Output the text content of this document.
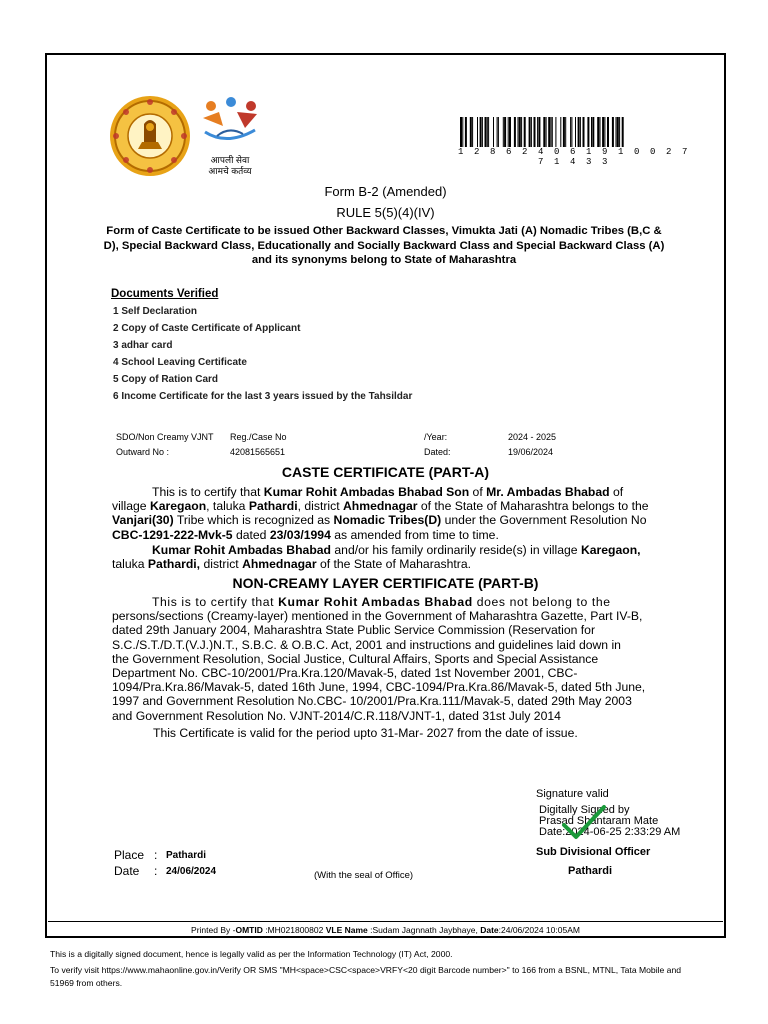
आपली सेवा
आमचे कर्तव्य
1 2 8 6 2 4 0 6 1 9 1 0 0 2 7 7 1 4 3 3
Form B-2 (Amended)
RULE 5(5)(4)(IV)
Form of Caste Certificate to be issued Other Backward Classes, Vimukta Jati (A) Nomadic Tribes (B,C & D), Special Backward Class, Educationally and Socially Backward Class and Special Backward Class (A) and its synonyms belong to State of Maharashtra
Documents Verified
1 Self Declaration
2 Copy of Caste Certificate of Applicant
3 adhar card
4 School Leaving Certificate
5 Copy of Ration Card
6 Income Certificate for the last 3 years issued by the Tahsildar
SDO/Non Creamy VJNT Reg./Case No	/Year:	2024 - 2025
Outward No :	42081565651	Dated:	19/06/2024
CASTE CERTIFICATE (PART-A)
This is to certify that Kumar Rohit Ambadas Bhabad Son of Mr. Ambadas Bhabad of
village Karegaon, taluka Pathardi, district Ahmednagar of the State of Maharashtra belongs to the
Vanjari(30) Tribe which is recognized as Nomadic Tribes(D) under the Government Resolution No
CBC-1291-222-Mvk-5 dated 23/03/1994 as amended from time to time.
Kumar Rohit Ambadas Bhabad and/or his family ordinarily reside(s) in village Karegaon,
taluka Pathardi, district Ahmednagar of the State of Maharashtra.
NON-CREAMY LAYER CERTIFICATE (PART-B)
This is to certify that Kumar Rohit Ambadas Bhabad does not belong to the
persons/sections (Creamy-layer) mentioned in the Government of Maharashtra Gazette, Part IV-B,
dated 29th January 2004, Maharashtra State Public Service Commission (Reservation for
S.C./S.T./D.T.(V.J.)N.T., S.B.C. & O.B.C. Act, 2001 and instructions and guidelines laid down in
the Government Resolution, Social Justice, Cultural Affairs, Sports and Special Assistance
Department No. CBC-10/2001/Pra.Kra.120/Mavak-5, dated 1st November 2001, CBC-
1094/Pra.Kra.86/Mavak-5, dated 16th June, 1994, CBC-1094/Pra.Kra.86/Mavak-5, dated 5th June,
1997 and Government Resolution No.CBC- 10/2001/Pra.Kra.111/Mavak-5, dated 29th May 2003
and Government Resolution No. VJNT-2014/C.R.118/VJNT-1, dated 31st July 2014
This Certificate is valid for the period upto 31-Mar- 2027 from the date of issue.
Signature valid
Digitally Signed by
Prasad Shantaram Mate
Date:2024-06-25 2:33:29 AM
Sub Divisional Officer
Pathardi
Place : Pathardi
Date : 24/06/2024	(With the seal of Office)
Printed By -OMTID :MH021800802 VLE Name :Sudam Jagnnath Jaybhaye, Date:24/06/2024 10:05AM
This is a digitally signed document, hence is legally valid as per the Information Technology (IT) Act, 2000.
To verify visit https://www.mahaonline.gov.in/Verify OR SMS "MH<space>CSC<space>VRFY<20 digit Barcode number>" to 166 from a BSNL, MTNL, Tata Mobile and
51969 from others.
